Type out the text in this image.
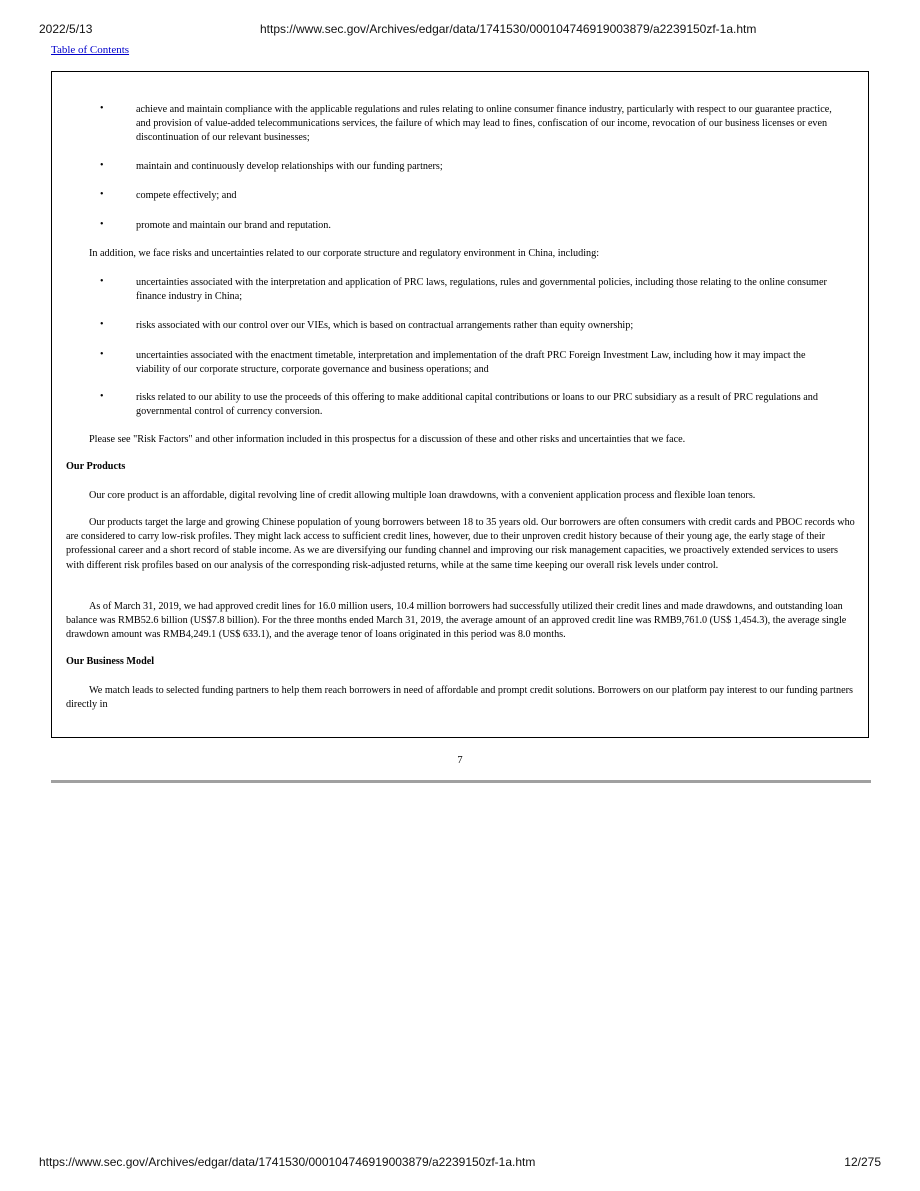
2022/5/13	https://www.sec.gov/Archives/edgar/data/1741530/000104746919003879/a2239150zf-1a.htm
Table of Contents
•	achieve and maintain compliance with the applicable regulations and rules relating to online consumer finance industry, particularly with respect to our guarantee practice, and provision of value-added telecommunications services, the failure of which may lead to fines, confiscation of our income, revocation of our business licenses or even discontinuation of our relevant businesses;
•	maintain and continuously develop relationships with our funding partners;
•	compete effectively; and
•	promote and maintain our brand and reputation.
In addition, we face risks and uncertainties related to our corporate structure and regulatory environment in China, including:
•	uncertainties associated with the interpretation and application of PRC laws, regulations, rules and governmental policies, including those relating to the online consumer finance industry in China;
•	risks associated with our control over our VIEs, which is based on contractual arrangements rather than equity ownership;
•	uncertainties associated with the enactment timetable, interpretation and implementation of the draft PRC Foreign Investment Law, including how it may impact the viability of our corporate structure, corporate governance and business operations; and
•	risks related to our ability to use the proceeds of this offering to make additional capital contributions or loans to our PRC subsidiary as a result of PRC regulations and governmental control of currency conversion.
Please see "Risk Factors" and other information included in this prospectus for a discussion of these and other risks and uncertainties that we face.
Our Products
Our core product is an affordable, digital revolving line of credit allowing multiple loan drawdowns, with a convenient application process and flexible loan tenors.
Our products target the large and growing Chinese population of young borrowers between 18 to 35 years old. Our borrowers are often consumers with credit cards and PBOC records who are considered to carry low-risk profiles. They might lack access to sufficient credit lines, however, due to their unproven credit history because of their young age, the early stage of their professional career and a short record of stable income. As we are diversifying our funding channel and improving our risk management capacities, we proactively extended services to users with different risk profiles based on our analysis of the corresponding risk-adjusted returns, while at the same time keeping our overall risk levels under control.
As of March 31, 2019, we had approved credit lines for 16.0 million users, 10.4 million borrowers had successfully utilized their credit lines and made drawdowns, and outstanding loan balance was RMB52.6 billion (US$7.8 billion). For the three months ended March 31, 2019, the average amount of an approved credit line was RMB9,761.0 (US$ 1,454.3), the average single drawdown amount was RMB4,249.1 (US$ 633.1), and the average tenor of loans originated in this period was 8.0 months.
Our Business Model
We match leads to selected funding partners to help them reach borrowers in need of affordable and prompt credit solutions. Borrowers on our platform pay interest to our funding partners directly in
7
https://www.sec.gov/Archives/edgar/data/1741530/000104746919003879/a2239150zf-1a.htm	12/275
